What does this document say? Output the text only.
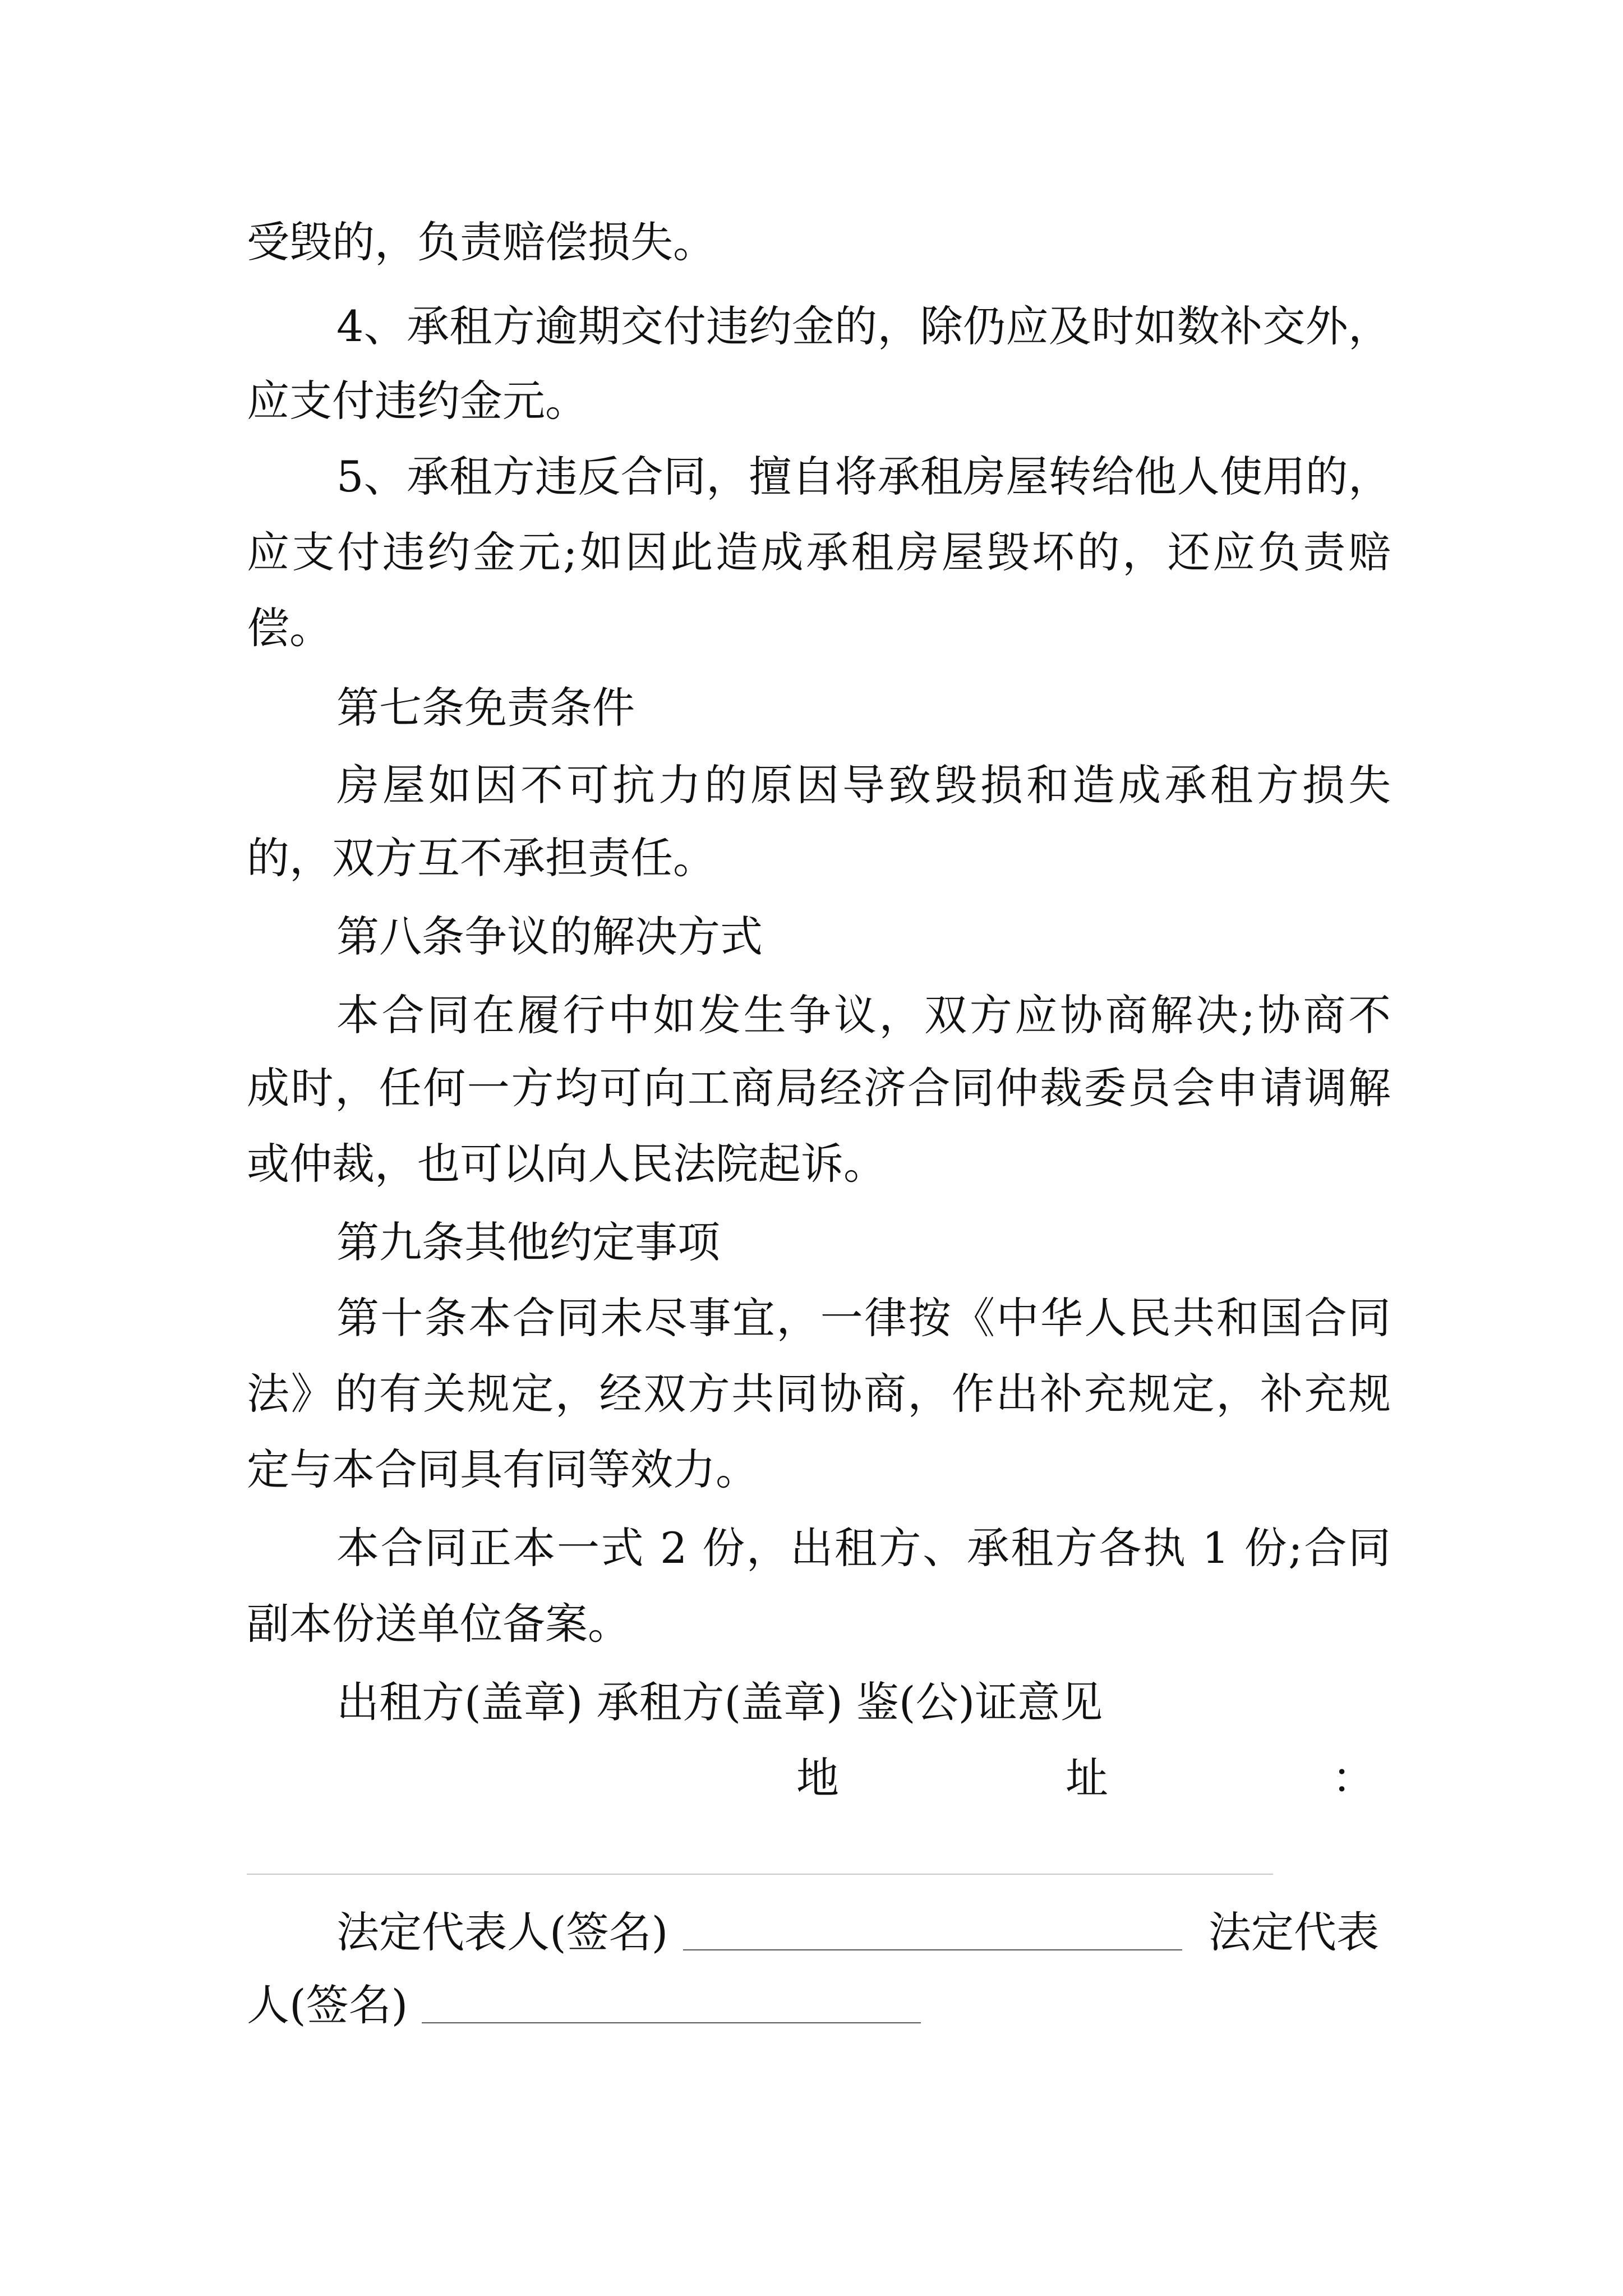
受毁的，负责赔偿损失。

4、承租方逾期交付违约金的，除仍应及时如数补交外，

应支付违约金元。

5、承租方违反合同，擅自将承租房屋转给他人使用的，

应支付违约金元;如因此造成承租房屋毁坏的，还应负责赔

偿。

第七条免责条件

房屋如因不可抗力的原因导致毁损和造成承租方损失

的，双方互不承担责任。

第八条争议的解决方式

本合同在履行中如发生争议，双方应协商解决;协商不

成时，任何一方均可向工商局经济合同仲裁委员会申请调解

或仲裁，也可以向人民法院起诉。

第九条其他约定事项

第十条本合同未尽事宜，一律按《中华人民共和国合同

法》的有关规定，经双方共同协商，作出补充规定，补充规

定与本合同具有同等效力。

本合同正本一式 2 份，出租方、承租方各执 1 份;合同

副本份送单位备案。

出租方(盖章) 承租方(盖章) 鉴(公)证意见

地	址	：

法定代表人(签名)	法定代表

人(签名)
